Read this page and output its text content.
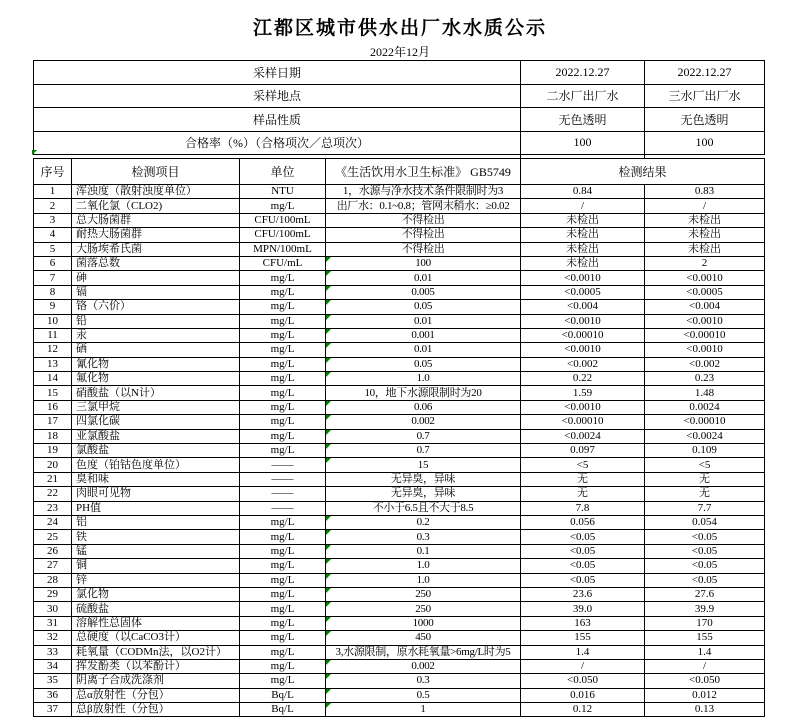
江都区城市供水出厂水水质公示
2022年12月
采样日期	2022.12.27	2022.12.27
采样地点	二水厂出厂水	三水厂出厂水
样品性质	无色透明	无色透明
合格率（%）（合格项次／总项次）	100	100
序号	检测项目	单位	《生活饮用水卫生标准》 GB5749	检测结果	
1	浑浊度（散射浊度单位）	NTU	1，水源与净水技术条件限制时为3	0.84	0.83
2	二氧化氯（CLO2)	mg/L	出厂水：0.1~0.8；管网末稍水：≥0.02	/	/
3	总大肠菌群	CFU/100mL	不得检出	未检出	未检出
4	耐热大肠菌群	CFU/100mL	不得检出	未检出	未检出
5	大肠埃希氏菌	MPN/100mL	不得检出	未检出	未检出
6	菌落总数	CFU/mL	100	未检出	2
7	砷	mg/L	0.01	<0.0010	<0.0010
8	镉	mg/L	0.005	<0.0005	<0.0005
9	铬（六价）	mg/L	0.05	<0.004	<0.004
10	铅	mg/L	0.01	<0.0010	<0.0010
11	汞	mg/L	0.001	<0.00010	<0.00010
12	硒	mg/L	0.01	<0.0010	<0.0010
13	氰化物	mg/L	0.05	<0.002	<0.002
14	氟化物	mg/L	1.0	0.22	0.23
15	硝酸盐（以N计）	mg/L	10，地下水源限制时为20	1.59	1.48
16	三氯甲烷	mg/L	0.06	<0.0010	0.0024
17	四氯化碳	mg/L	0.002	<0.00010	<0.00010
18	亚氯酸盐	mg/L	0.7	<0.0024	<0.0024
19	氯酸盐	mg/L	0.7	0.097	0.109
20	色度（铂钴色度单位）	——	15	<5	<5
21	臭和味	——	无异臭，异味	无	无
22	肉眼可见物	——	无异臭，异味	无	无
23	PH值	——	不小于6.5且不大于8.5	7.8	7.7
24	铝	mg/L	0.2	0.056	0.054
25	铁	mg/L	0.3	<0.05	<0.05
26	锰	mg/L	0.1	<0.05	<0.05
27	铜	mg/L	1.0	<0.05	<0.05
28	锌	mg/L	1.0	<0.05	<0.05
29	氯化物	mg/L	250	23.6	27.6
30	硫酸盐	mg/L	250	39.0	39.9
31	溶解性总固体	mg/L	1000	163	170
32	总硬度（以CaCO3计）	mg/L	450	155	155
33	耗氧量（CODMn法，以O2计）	mg/L	3,水源限制，原水耗氧量>6mg/L时为5	1.4	1.4
34	挥发酚类（以苯酚计）	mg/L	0.002	/	/
35	阴离子合成洗涤剂	mg/L	0.3	<0.050	<0.050
36	总α放射性（分包）	Bq/L	0.5	0.016	0.012
37	总β放射性（分包）	Bq/L	1	0.12	0.13
